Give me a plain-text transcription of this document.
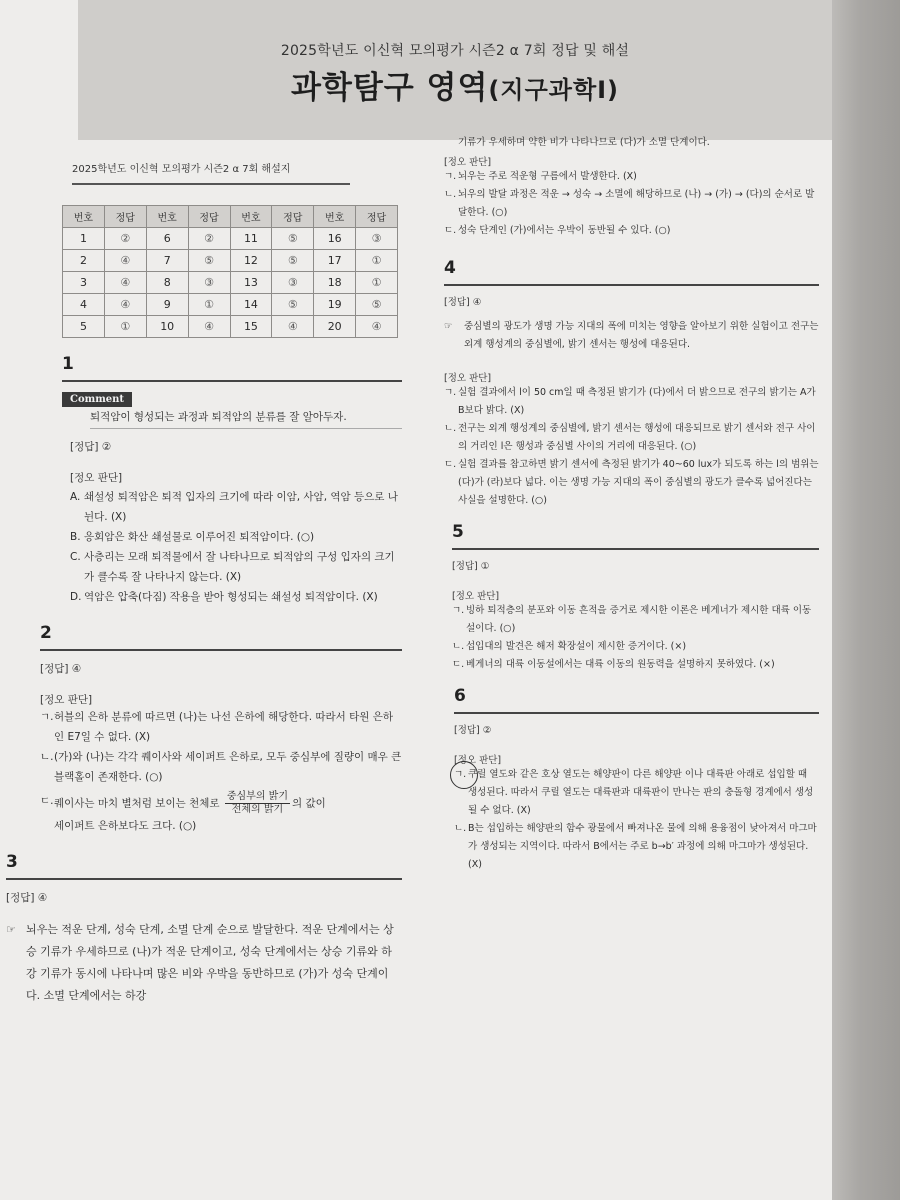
2025학년도 이신혁 모의평가 시즌2 α 7회 정답 및 해설
과학탐구 영역(지구과학Ⅰ)
2025학년도 이신혁 모의평가 시즌2 α 7회 해설지
번호	정답	번호	정답	번호	정답	번호	정답
1	②	6	②	11	⑤	16	③
2	④	7	⑤	12	⑤	17	①
3	④	8	③	13	③	18	①
4	④	9	①	14	⑤	19	⑤
5	①	10	④	15	④	20	④
1
Comment
퇴적암이 형성되는 과정과 퇴적암의 분류를 잘 알아두자.
[정답] ②
[정오 판단]
A. 쇄설성 퇴적암은 퇴적 입자의 크기에 따라 이암, 사암, 역암 등으로 나뉜다. (X)
B. 응회암은 화산 쇄설물로 이루어진 퇴적암이다. (○)
C. 사층리는 모래 퇴적물에서 잘 나타나므로 퇴적암의 구성 입자의 크기가 클수록 잘 나타나지 않는다. (X)
D. 역암은 압축(다짐) 작용을 받아 형성되는 쇄설성 퇴적암이다. (X)
2
[정답] ④
[정오 판단]
ㄱ. 허블의 은하 분류에 따르면 (나)는 나선 은하에 해당한다. 따라서 타원 은하인 E7일 수 없다. (X)
ㄴ. (가)와 (나)는 각각 퀘이사와 세이퍼트 은하로, 모두 중심부에 질량이 매우 큰 블랙홀이 존재한다. (○)
ㄷ. 퀘이사는 마치 별처럼 보이는 천체로 $\frac{\text{중심부의 밝기}}{\text{전체의 밝기}}$ 의 값이
세이퍼트 은하보다도 크다. (○)
3
[정답] ④
☞ 뇌우는 적운 단계, 성숙 단계, 소멸 단계 순으로 발달한다. 적운 단계에서는 상승 기류가 우세하므로 (나)가 적운 단계이고, 성숙 단계에서는 상승 기류와 하강 기류가 동시에 나타나며 많은 비와 우박을 동반하므로 (가)가 성숙 단계이다. 소멸 단계에서는 하강
기류가 우세하며 약한 비가 나타나므로 (다)가 소멸 단계이다.
[정오 판단]
ㄱ. 뇌우는 주로 적운형 구름에서 발생한다. (X)
ㄴ. 뇌우의 발달 과정은 적운 → 성숙 → 소멸에 해당하므로 (나) → (가) → (다)의 순서로 발달한다. (○)
ㄷ. 성숙 단계인 (가)에서는 우박이 동반될 수 있다. (○)
4
[정답] ④
☞	중심별의 광도가 생명 가능 지대의 폭에 미치는 영향을 알아보기 위한 실험이고 전구는 외계 행성계의 중심별에, 밝기 센서는 행성에 대응된다.
[정오 판단]
ㄱ. 실험 결과에서 l이 50 cm일 때 측정된 밝기가 (다)에서 더 밝으므로 전구의 밝기는 A가 B보다 밝다. (X)
ㄴ. 전구는 외계 행성계의 중심별에, 밝기 센서는 행성에 대응되므로 밝기 센서와 전구 사이의 거리인 l은 행성과 중심별 사이의 거리에 대응된다. (○)
ㄷ. 실험 결과를 참고하면 밝기 센서에 측정된 밝기가 40~60 lux가 되도록 하는 l의 범위는 (다)가 (라)보다 넓다. 이는 생명 가능 지대의 폭이 중심별의 광도가 클수록 넓어진다는 사실을 설명한다. (○)
5
[정답] ①
[정오 판단]
ㄱ. 빙하 퇴적층의 분포와 이동 흔적을 증거로 제시한 이론은 베게너가 제시한 대륙 이동설이다. (○)
ㄴ. 섭입대의 발견은 해저 확장설이 제시한 증거이다. (×)
ㄷ. 베게너의 대륙 이동설에서는 대륙 이동의 원동력을 설명하지 못하였다. (×)
6
[정답] ②
[정오 판단]
ㄱ. 쿠릴 열도와 같은 호상 열도는 해양판이 다른 해양판 이나 대륙판 아래로 섭입할 때 생성된다. 따라서 쿠릴 열도는 대륙판과 대륙판이 만나는 판의 충돌형 경계에서 생성될 수 없다. (X)
ㄴ. B는 섭입하는 해양판의 함수 광물에서 빠져나온 물에 의해 용융점이 낮아져서 마그마가 생성되는 지역이다. 따라서 B에서는 주로 b→b′ 과정에 의해 마그마가 생성된다. (X)
